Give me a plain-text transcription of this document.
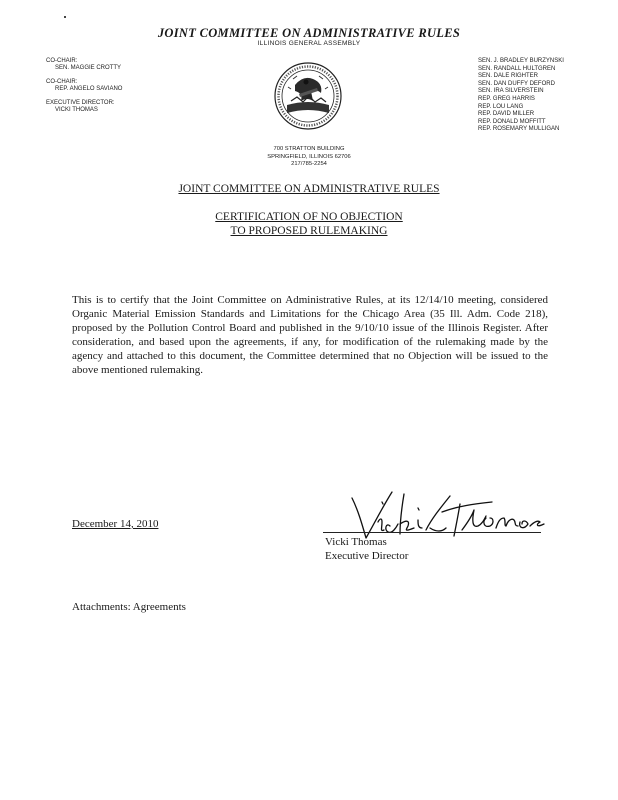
JOINT COMMITTEE ON ADMINISTRATIVE RULES
ILLINOIS GENERAL ASSEMBLY
CO-CHAIR:
SEN. MAGGIE CROTTY
CO-CHAIR:
REP. ANGELO SAVIANO
EXECUTIVE DIRECTOR:
VICKI THOMAS
SEN. J. BRADLEY BURZYNSKI
SEN. RANDALL HULTGREN
SEN. DALE RIGHTER
SEN. DAN DUFFY DEFORD
SEN. IRA SILVERSTEIN
REP. GREG HARRIS
REP. LOU LANG
REP. DAVID MILLER
REP. DONALD MOFFITT
REP. ROSEMARY MULLIGAN
700 STRATTON BUILDING
SPRINGFIELD, ILLINOIS 62706
217/785-2254
JOINT COMMITTEE ON ADMINISTRATIVE RULES
CERTIFICATION OF NO OBJECTION
TO PROPOSED RULEMAKING
This is to certify that the Joint Committee on Administrative Rules, at its 12/14/10 meeting, considered Organic Material Emission Standards and Limitations for the Chicago Area (35 Ill. Adm. Code 218), proposed by the Pollution Control Board and published in the 9/10/10 issue of the Illinois Register. After consideration, and based upon the agreements, if any, for modification of the rulemaking made by the agency and attached to this document, the Committee determined that no Objection will be issued to the above mentioned rulemaking.
December 14, 2010
Vicki Thomas
Executive Director
Attachments: Agreements
